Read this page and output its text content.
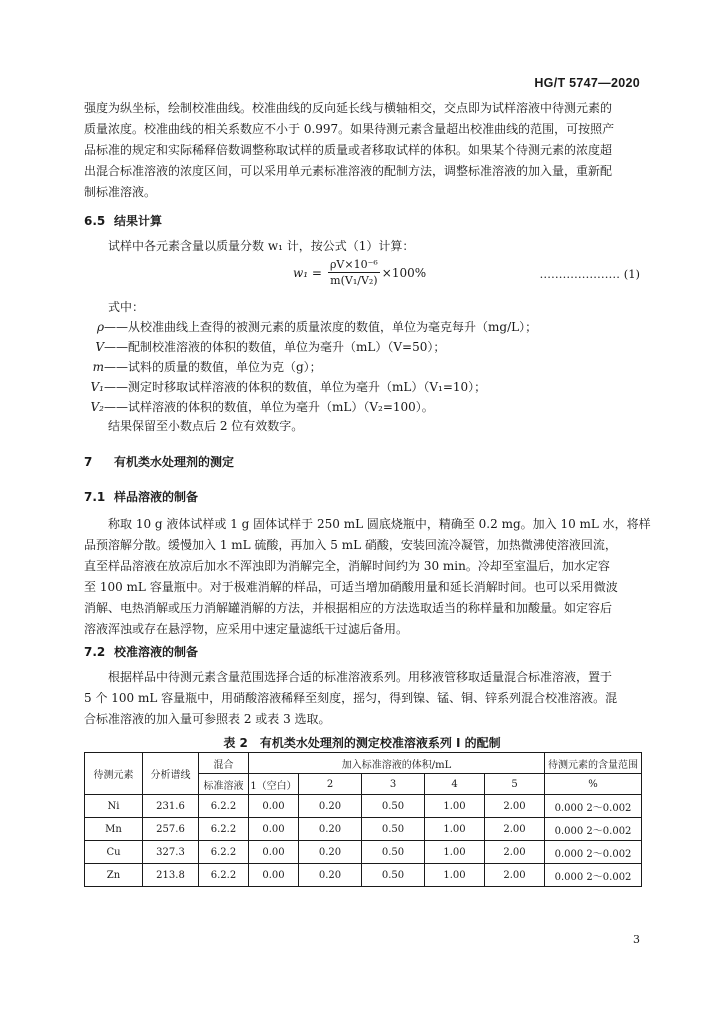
HG/T 5747—2020
强度为纵坐标，绘制校准曲线。校准曲线的反向延长线与横轴相交，交点即为试样溶液中待测元素的
质量浓度。校准曲线的相关系数应不小于 0.997。如果待测元素含量超出校准曲线的范围，可按照产
品标准的规定和实际稀释倍数调整称取试样的质量或者移取试样的体积。如果某个待测元素的浓度超
出混合标准溶液的浓度区间，可以采用单元素标准溶液的配制方法，调整标准溶液的加入量，重新配
制标准溶液。
6.5 结果计算
试样中各元素含量以质量分数 w₁ 计，按公式（1）计算：
$w_1 = \frac{\text{ρV×10⁻⁶}}{\text{m(V₁/V₂)}} \times 100\%$	………………… (1)
式中：
ρ——从校准曲线上查得的被测元素的质量浓度的数值，单位为毫克每升（mg/L）；
V——配制校准溶液的体积的数值，单位为毫升（mL）（V=50）；
m——试料的质量的数值，单位为克（g）；
V₁——测定时移取试样溶液的体积的数值，单位为毫升（mL）（V₁=10）；
V₂——试样溶液的体积的数值，单位为毫升（mL）（V₂=100）。
结果保留至小数点后 2 位有效数字。
7 有机类水处理剂的测定
7.1 样品溶液的制备
称取 10 g 液体试样或 1 g 固体试样于 250 mL 圆底烧瓶中，精确至 0.2 mg。加入 10 mL 水，将样
品预溶解分散。缓慢加入 1 mL 硫酸，再加入 5 mL 硝酸，安装回流冷凝管，加热微沸使溶液回流，
直至样品溶液在放凉后加水不浑浊即为消解完全，消解时间约为 30 min。冷却至室温后，加水定容
至 100 mL 容量瓶中。对于极难消解的样品，可适当增加硝酸用量和延长消解时间。也可以采用微波
消解、电热消解或压力消解罐消解的方法，并根据相应的方法选取适当的称样量和加酸量。如定容后
溶液浑浊或存在悬浮物，应采用中速定量滤纸干过滤后备用。
7.2 校准溶液的制备
根据样品中待测元素含量范围选择合适的标准溶液系列。用移液管移取适量混合标准溶液，置于
5 个 100 mL 容量瓶中，用硝酸溶液稀释至刻度，摇匀，得到镍、锰、铜、锌系列混合校准溶液。混
合标准溶液的加入量可参照表 2 或表 3 选取。
表 2　有机类水处理剂的测定校准溶液系列 Ⅰ 的配制
待测元素	分析谱线	混合	加入标准溶液的体积/mL					待测元素的含量范围
		标准溶液	1（空白）	2	3	4	5	%
Ni	231.6	6.2.2	0.00	0.20	0.50	1.00	2.00	0.000 2～0.002
Mn	257.6	6.2.2	0.00	0.20	0.50	1.00	2.00	0.000 2～0.002
Cu	327.3	6.2.2	0.00	0.20	0.50	1.00	2.00	0.000 2～0.002
Zn	213.8	6.2.2	0.00	0.20	0.50	1.00	2.00	0.000 2～0.002
3
